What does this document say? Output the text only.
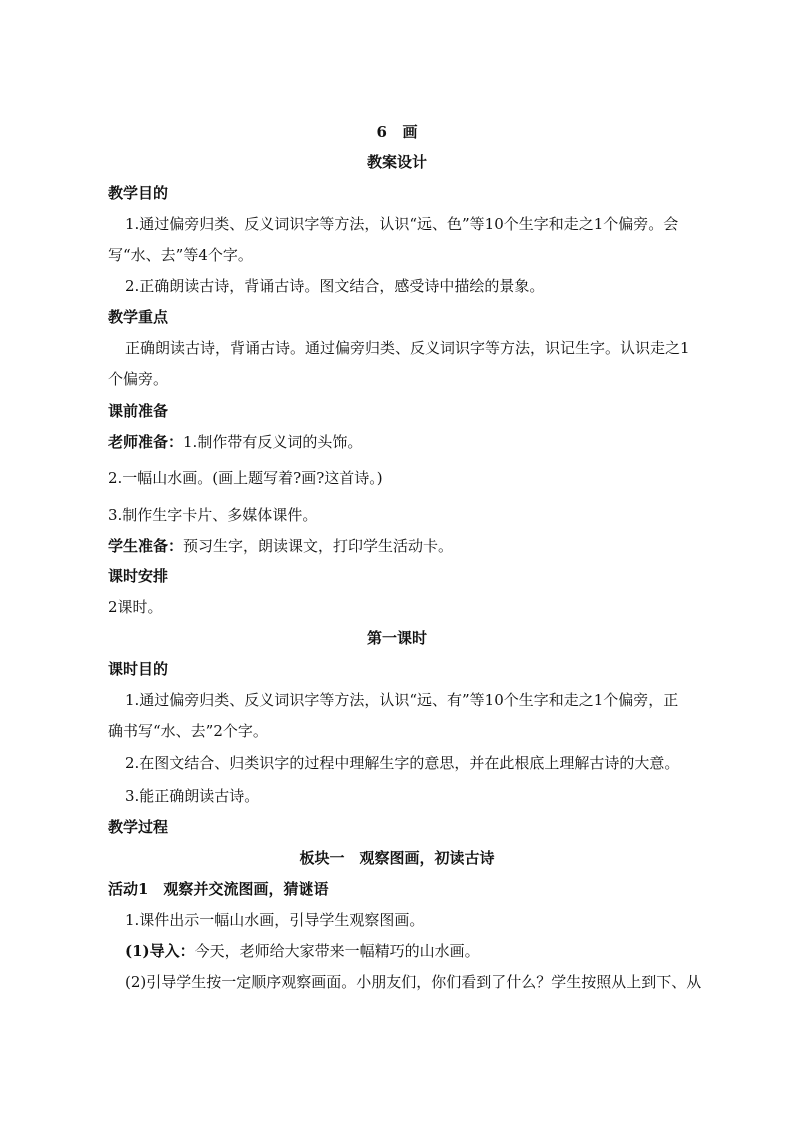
6 画
教案设计
教学目的
1.通过偏旁归类、反义词识字等方法，认识“远、色”等10个生字和走之1个偏旁。会
写“水、去”等4个字。
2.正确朗读古诗，背诵古诗。图文结合，感受诗中描绘的景象。
教学重点
正确朗读古诗，背诵古诗。通过偏旁归类、反义词识字等方法，识记生字。认识走之1
个偏旁。
课前准备
老师准备：1.制作带有反义词的头饰。
2.一幅山水画。(画上题写着?画?这首诗。)
3.制作生字卡片、多媒体课件。
学生准备：预习生字，朗读课文，打印学生活动卡。
课时安排
2课时。
第一课时
课时目的
1.通过偏旁归类、反义词识字等方法，认识“远、有”等10个生字和走之1个偏旁，正
确书写“水、去”2个字。
2.在图文结合、归类识字的过程中理解生字的意思，并在此根底上理解古诗的大意。
3.能正确朗读古诗。
教学过程
板块一　观察图画，初读古诗
活动1　观察并交流图画，猜谜语
1.课件出示一幅山水画，引导学生观察图画。
(1)导入：今天，老师给大家带来一幅精巧的山水画。
(2)引导学生按一定顺序观察画面。小朋友们，你们看到了什么？学生按照从上到下、从
